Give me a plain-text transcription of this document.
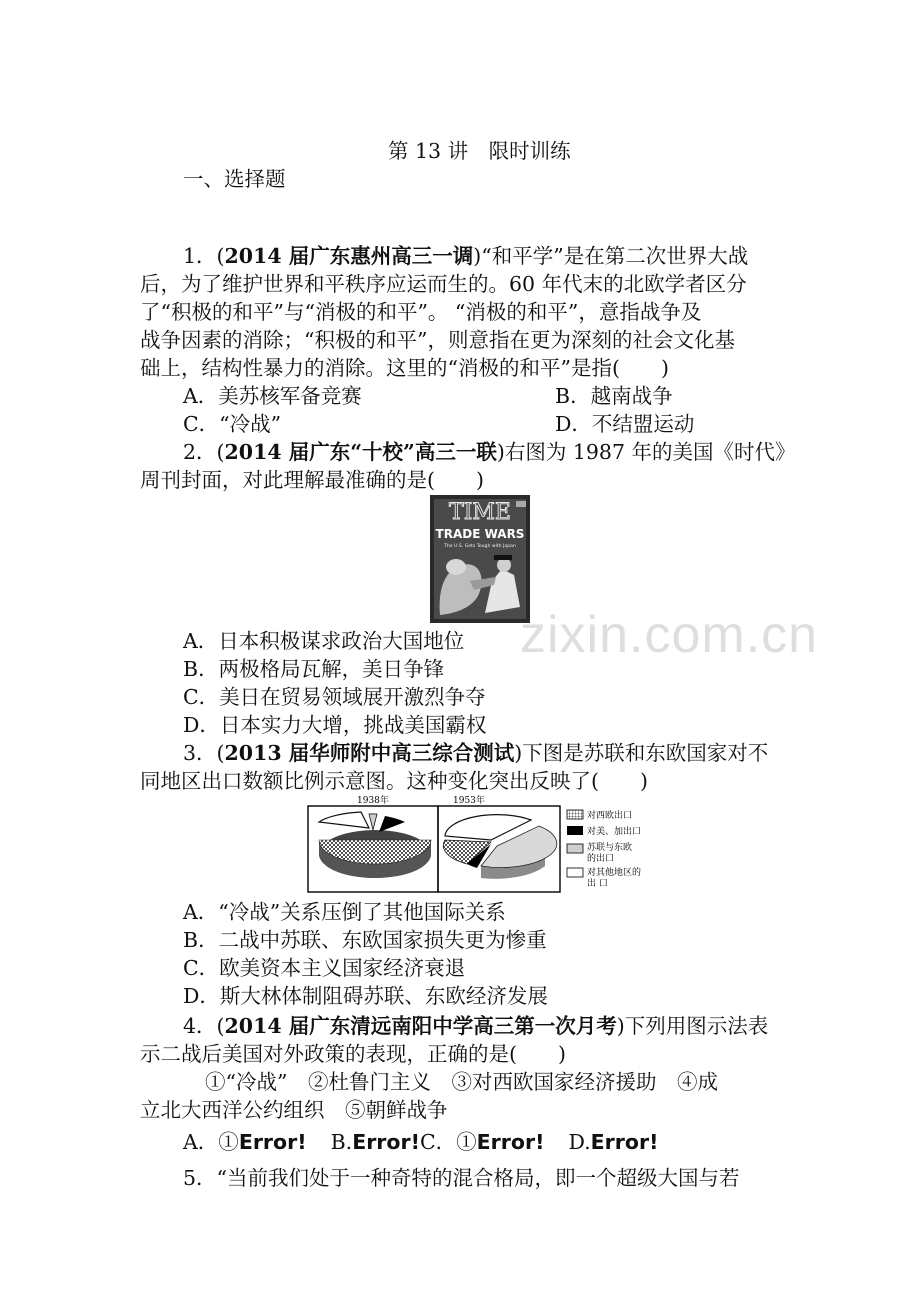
第 13 讲　限时训练
一、选择题
1．(2014 届广东惠州高三一调)“和平学”是在第二次世界大战
后，为了维护世界和平秩序应运而生的。60 年代末的北欧学者区分
了“积极的和平”与“消极的和平”。 “消极的和平”，意指战争及
战争因素的消除；“积极的和平”，则意指在更为深刻的社会文化基
础上，结构性暴力的消除。这里的“消极的和平”是指(　　)
A．美苏核军备竞赛	B．越南战争
C．“冷战”	D．不结盟运动
2．(2014 届广东“十校”高三一联)右图为 1987 年的美国《时代》
周刊封面，对此理解最准确的是(　　)
TIME
TRADE WARS
The U.S. Gets Tough with Japan
A．日本积极谋求政治大国地位
B．两极格局瓦解，美日争锋
C．美日在贸易领域展开激烈争夺
D．日本实力大增，挑战美国霸权
3．(2013 届华师附中高三综合测试)下图是苏联和东欧国家对不
同地区出口数额比例示意图。这种变化突出反映了(　　)
1938年	1953年
对西欧出口
对美、加出口
苏联与东欧
的出口
对其他地区的
出 口
A．“冷战”关系压倒了其他国际关系
B．二战中苏联、东欧国家损失更为惨重
C．欧美资本主义国家经济衰退
D．斯大林体制阻碍苏联、东欧经济发展
4．(2014 届广东清远南阳中学高三第一次月考)下列用图示法表
示二战后美国对外政策的表现，正确的是(　　)
①“冷战”　②杜鲁门主义　③对西欧国家经济援助　④成
立北大西洋公约组织　⑤朝鲜战争
A．①Error! B.Error!C．①Error! D.Error!
5．“当前我们处于一种奇特的混合格局，即一个超级大国与若
zixin.com.cn
